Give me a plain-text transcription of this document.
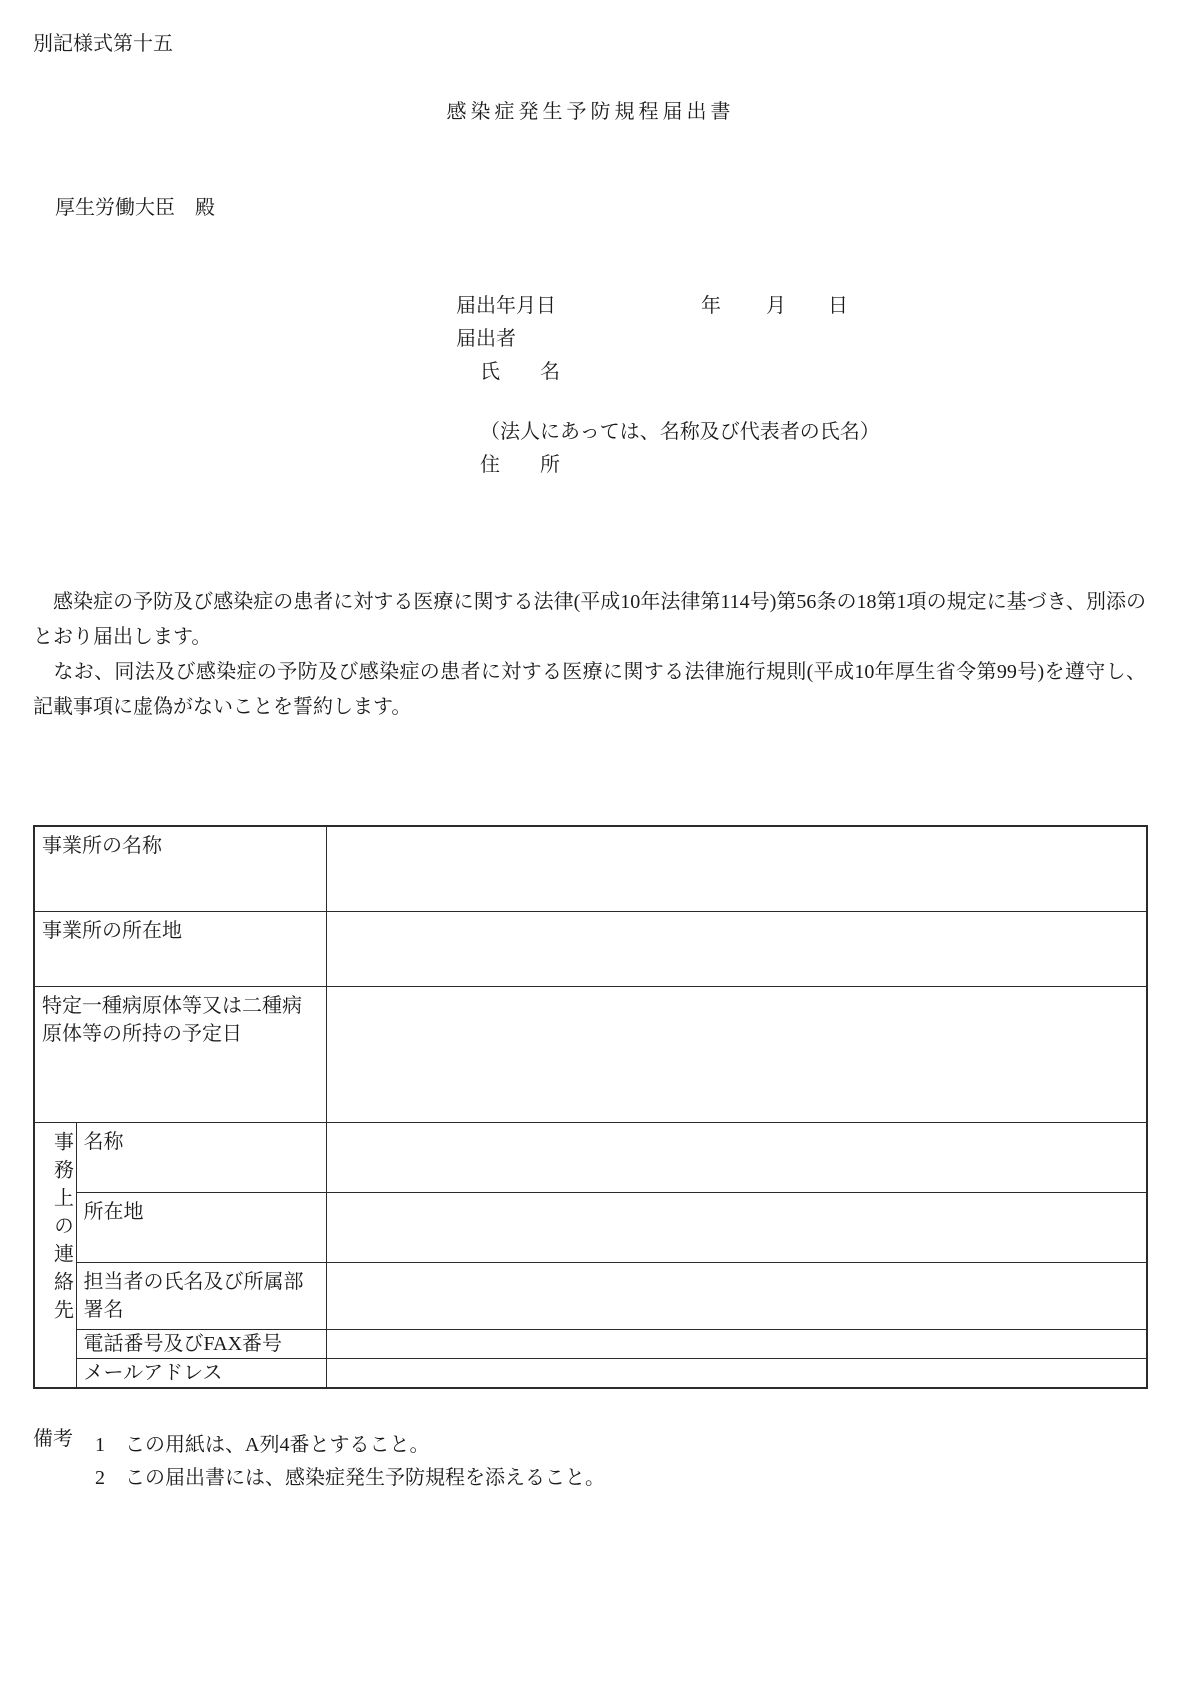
別記様式第十五
感染症発生予防規程届出書
厚生労働大臣　殿
届出年月日	年 月 日
届出者
氏　　名
（法人にあっては、名称及び代表者の氏名）
住　　所

　感染症の予防及び感染症の患者に対する医療に関する法律(平成10年法律第114号)第56条の18第1項の規定に基づき、別添のとおり届出します。

　なお、同法及び感染症の予防及び感染症の患者に対する医療に関する法律施行規則(平成10年厚生省令第99号)を遵守し、記載事項に虚偽がないことを誓約します。

事業所の名称		
事業所の所在地		
特定一種病原体等又は二種病原体等の所持の予定日		
事務上の連絡先	名称	
	所在地	
	担当者の氏名及び所属部署名	
	電話番号及びFAX番号	
	メールアドレス	
備考 1	この用紙は、A列4番とすること。
2	この届出書には、感染症発生予防規程を添えること。
